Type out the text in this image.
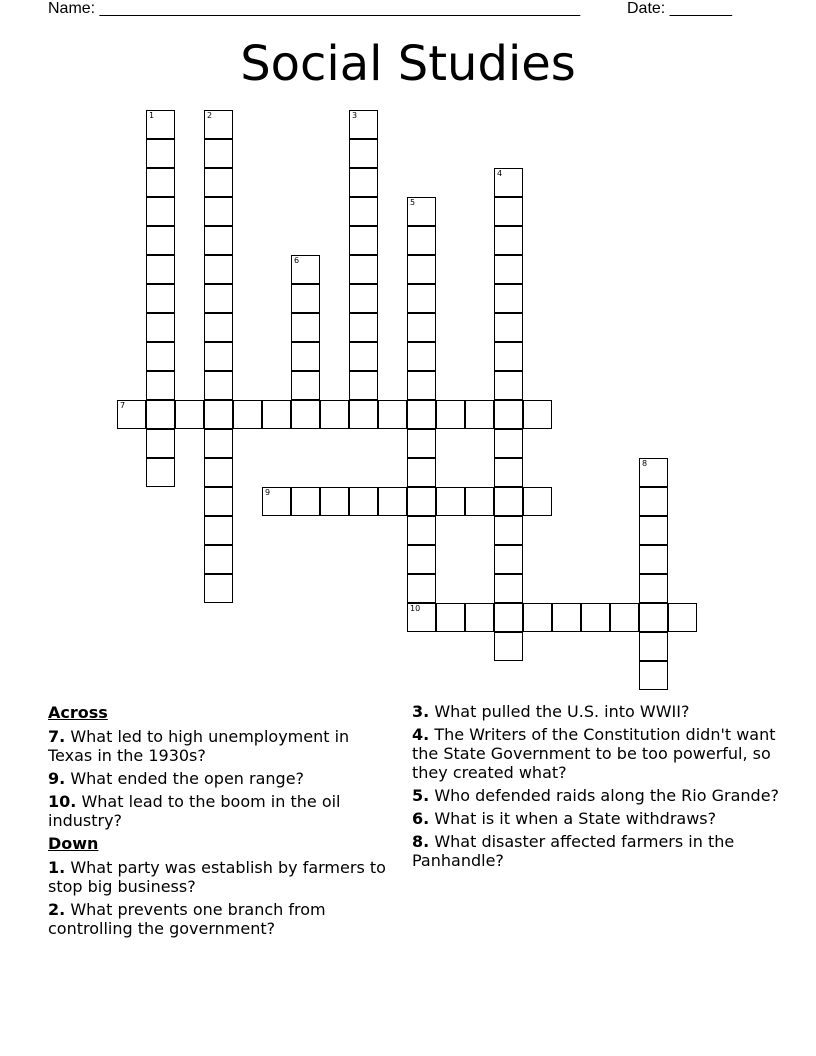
Name: ______________________________________________________	Date: _______
Social Studies
1	2	3
4
5
10
6
7
8
9
Across
7. What led to high unemployment in Texas in the 1930s?
9. What ended the open range?
10. What lead to the boom in the oil industry?
Down
1. What party was establish by farmers to stop big business?
2. What prevents one branch from controlling the government?
3. What pulled the U.S. into WWII?
4. The Writers of the Constitution didn't want the State Government to be too powerful, so they created what?
5. Who defended raids along the Rio Grande?
6. What is it when a State withdraws?
8. What disaster affected farmers in the Panhandle?
